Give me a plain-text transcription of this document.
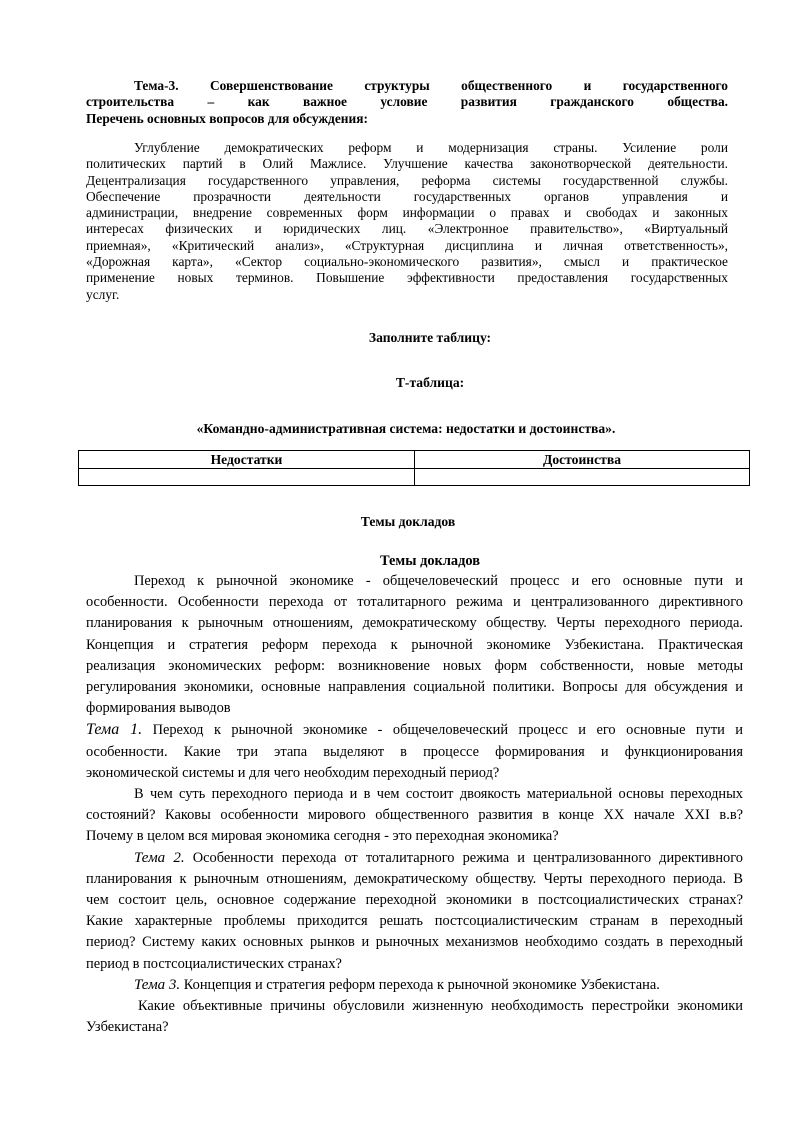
Тема-3. Совершенствование структуры общественного и государственного
строительства – как важное условие развития гражданского общества.
Перечень основных вопросов для обсуждения:
Углубление демократических реформ и модернизация страны. Усиление роли
политических партий в Олий Мажлисе. Улучшение качества законотворческой деятельности.
Децентрализация государственного управления, реформа системы государственной службы.
Обеспечение прозрачности деятельности государственных органов управления и
администрации, внедрение современных форм информации о правах и свободах и законных
интересах физических и юридических лиц. «Электронное правительство», «Виртуальный
приемная», «Критический анализ», «Структурная дисциплина и личная ответственность»,
«Дорожная карта», «Сектор социально-экономического развития», смысл и практическое
применение новых терминов. Повышение эффективности предоставления государственных
услуг.
Заполните таблицу:
Т-таблица:
«Командно-административная система: недостатки и достоинства».
Недостатки	Достоинства

Темы докладов
Темы докладов
Переход к рыночной экономике - общечеловеческий процесс и его основные пути и
особенности. Особенности перехода от тоталитарного режима и централизованного директивного
планирования к рыночным отношениям, демократическому обществу. Черты переходного периода.
Концепция и стратегия реформ перехода к рыночной экономике Узбекистана. Практическая
реализация экономических реформ: возникновение новых форм собственности, новые методы
регулирования экономики, основные направления социальной политики. Вопросы для обсуждения и
формирования выводов
Тема 1. Переход к рыночной экономике - общечеловеческий процесс и его основные пути и
особенности. Какие три этапа выделяют в процессе формирования и функционирования
экономической системы и для чего необходим переходный период?
В чем суть переходного периода и в чем состоит двоякость материальной основы переходных
состояний? Каковы особенности мирового общественного развития в конце XX начале XXI в.в?
Почему в целом вся мировая экономика сегодня - это переходная экономика?
Тема 2. Особенности перехода от тоталитарного режима и централизованного директивного
планирования к рыночным отношениям, демократическому обществу. Черты переходного периода. В
чем состоит цель, основное содержание переходной экономики в постсоциалистических странах?
Какие характерные проблемы приходится решать постсоциалистическим странам в переходный
период? Систему каких основных рынков и рыночных механизмов необходимо создать в переходный
период в постсоциалистических странах?
Тема 3. Концепция и стратегия реформ перехода к рыночной экономике Узбекистана.
Какие объективные причины обусловили жизненную необходимость перестройки экономики
Узбекистана?
